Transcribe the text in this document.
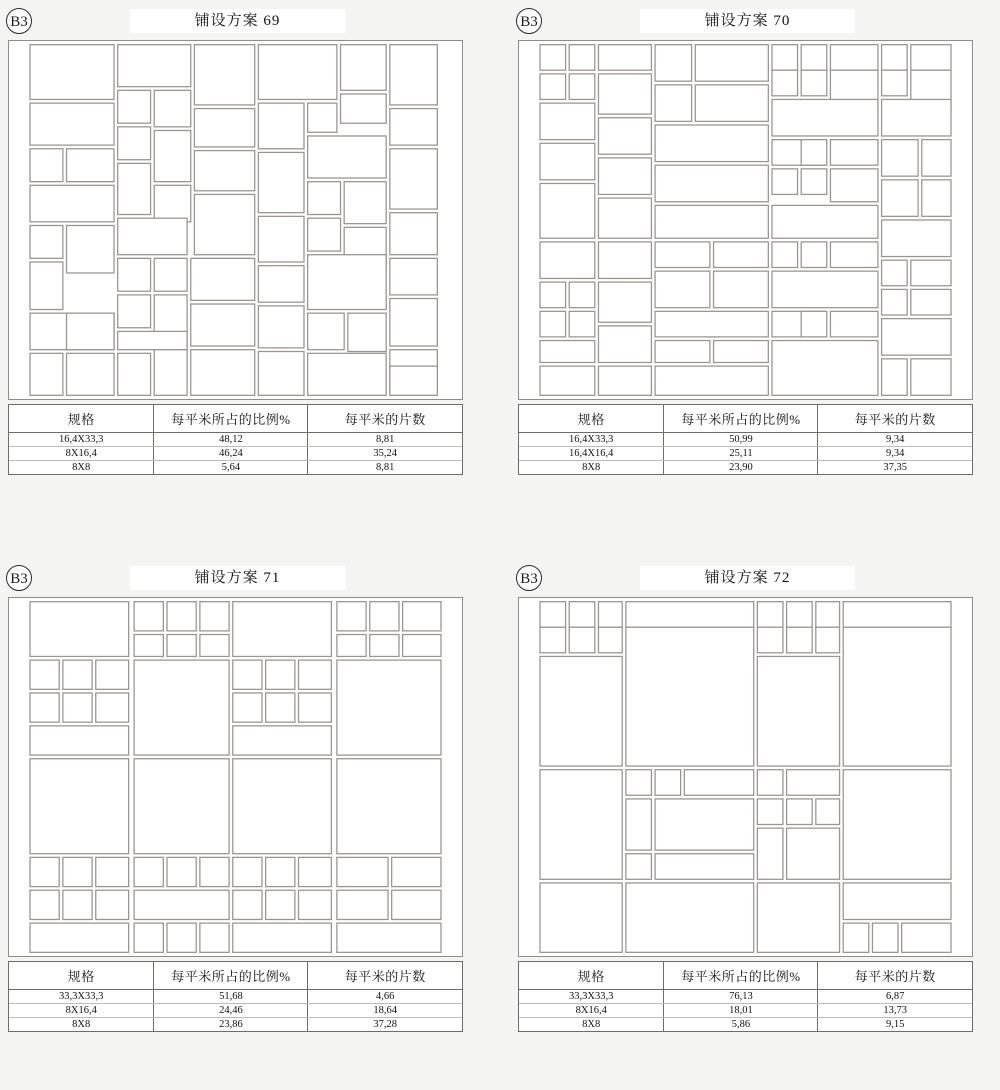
B3	铺设方案 69
规格	每平米所占的比例%	每平米的片数
16,4X33,3	48,12	8,81
8X16,4	46,24	35,24
8X8	5,64	8,81
B3	铺设方案 70
规格	每平米所占的比例%	每平米的片数
16,4X33,3	50,99	9,34
16,4X16,4	25,11	9,34
8X8	23,90	37,35
B3	铺设方案 71
规格	每平米所占的比例%	每平米的片数
33,3X33,3	51,68	4,66
8X16,4	24,46	18,64
8X8	23,86	37,28
B3	铺设方案 72
规格	每平米所占的比例%	每平米的片数
33,3X33,3	76,13	6,87
8X16,4	18,01	13,73
8X8	5,86	9,15
